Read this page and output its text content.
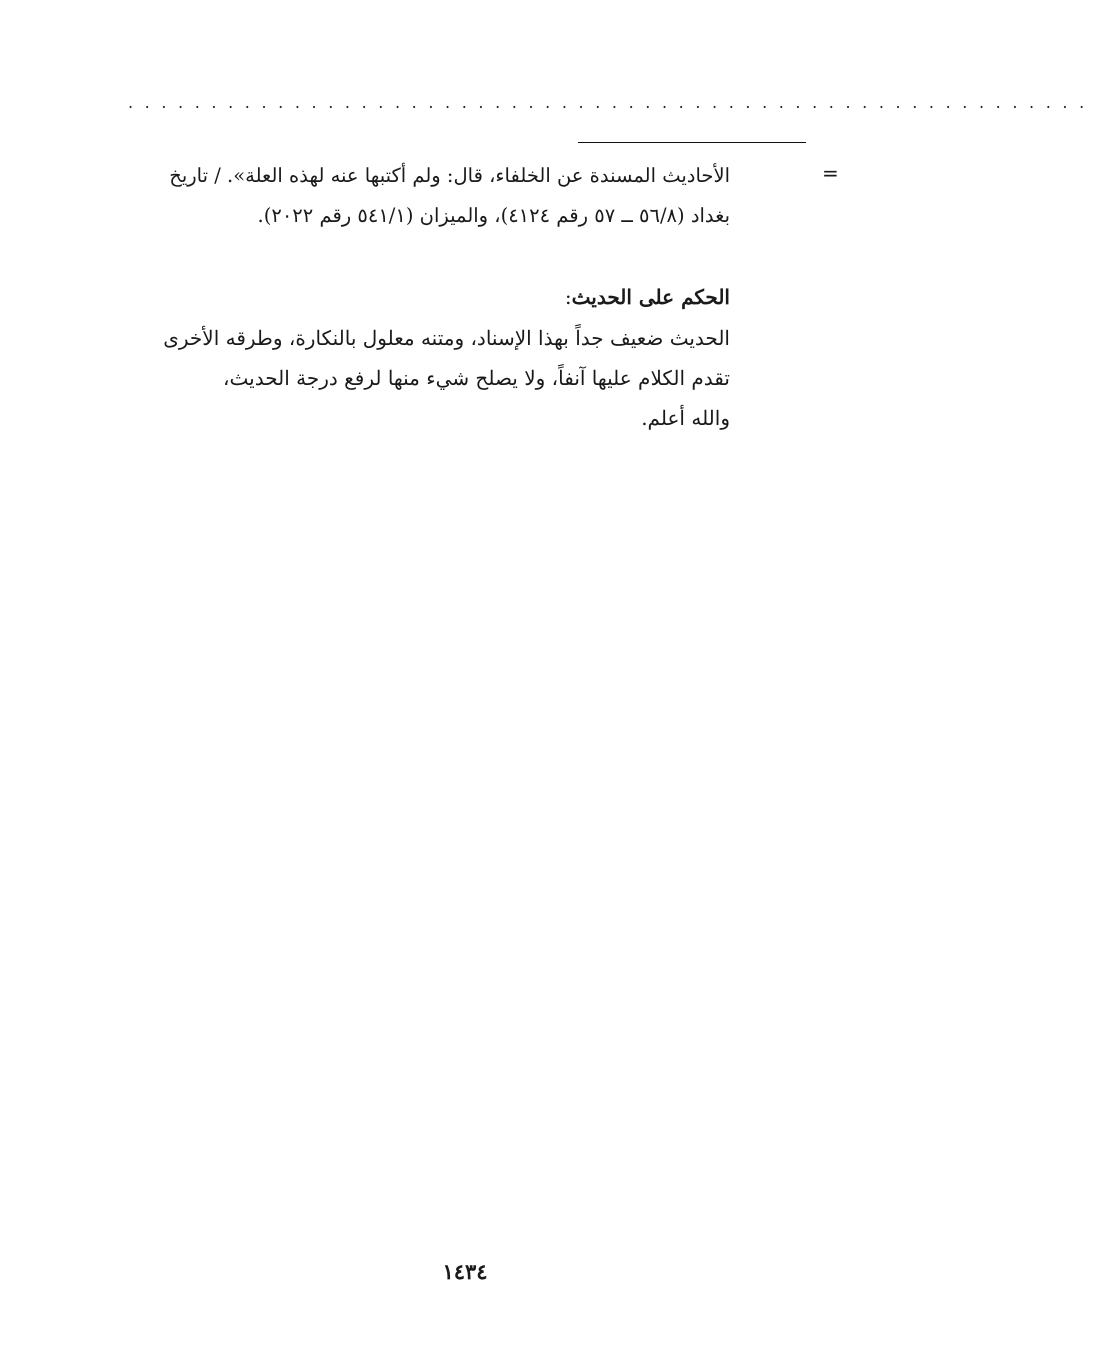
..........................................................
=
الأحاديث المسندة عن الخلفاء، قال: ولم أكتبها عنه لهذه العلة». / تاريخ
بغداد (٥٦/٨ ــ ٥٧ رقم ٤١٢٤)، والميزان (٥٤١/١ رقم ٢٠٢٢).
الحكم على الحديث:
الحديث ضعيف جداً بهذا الإسناد، ومتنه معلول بالنكارة، وطرقه الأخرى
تقدم الكلام عليها آنفاً، ولا يصلح شيء منها لرفع درجة الحديث،
والله أعلم.
١٤٣٤
